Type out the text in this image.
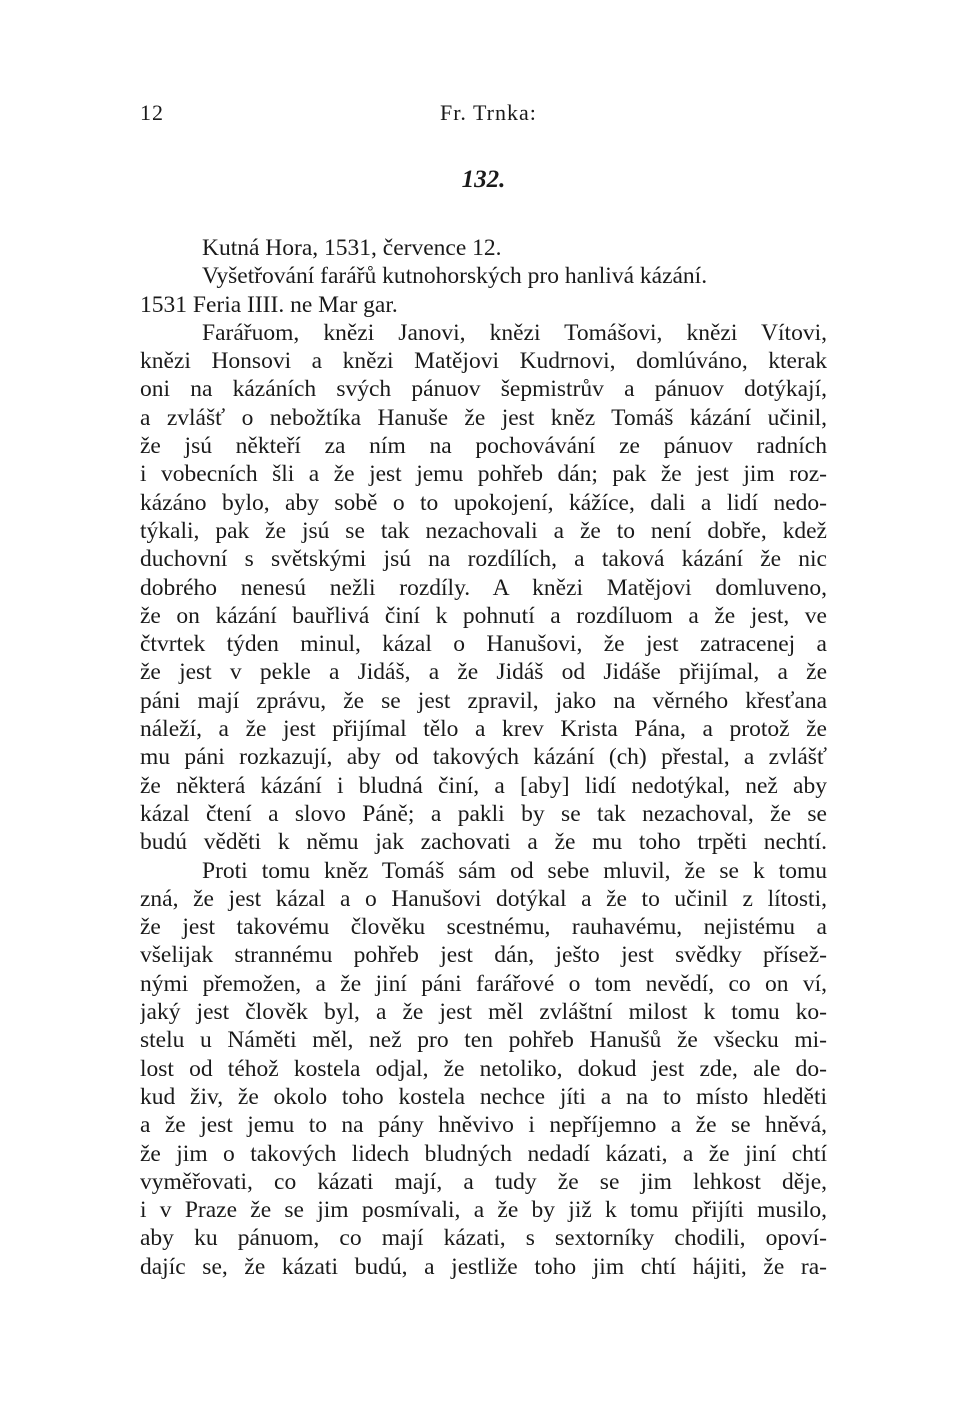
12	Fr. Trnka:
132.
Kutná Hora, 1531, července 12.
Vyšetřování farářů kutnohorských pro hanlivá kázání.
1531 Feria IIII. ne Mar gar.
Farářuom, knězi Janovi, knězi Tomášovi, knězi Vítovi,
knězi Honsovi a knězi Matějovi Kudrnovi, domlúváno, kterak
oni na kázáních svých pánuov šepmistrův a pánuov dotýkají,
a zvlášť o nebožtíka Hanuše že jest kněz Tomáš kázání učinil,
že jsú někteří za ním na pochovávání ze pánuov radních
i vobecních šli a že jest jemu pohřeb dán; pak že jest jim roz-
kázáno bylo, aby sobě o to upokojení, kážíce, dali a lidí nedo-
týkali, pak že jsú se tak nezachovali a že to není dobře, kdež
duchovní s světskými jsú na rozdílích, a taková kázání že nic
dobrého nenesú nežli rozdíly. A knězi Matějovi domluveno,
že on kázání bauřlivá činí k pohnutí a rozdíluom a že jest, ve
čtvrtek týden minul, kázal o Hanušovi, že jest zatracenej a
že jest v pekle a Jidáš, a že Jidáš od Jidáše přijímal, a že
páni mají zprávu, že se jest zpravil, jako na věrného křesťana
náleží, a že jest přijímal tělo a krev Krista Pána, a protož že
mu páni rozkazují, aby od takových kázání (ch) přestal, a zvlášť
že některá kázání i bludná činí, a [aby] lidí nedotýkal, než aby
kázal čtení a slovo Páně; a pakli by se tak nezachoval, že se
budú věděti k němu jak zachovati a že mu toho trpěti nechtí.
Proti tomu kněz Tomáš sám od sebe mluvil, že se k tomu
zná, že jest kázal a o Hanušovi dotýkal a že to učinil z lítosti,
že jest takovému člověku scestnému, rauhavému, nejistému a
všelijak strannému pohřeb jest dán, ješto jest svědky přísež-
nými přemožen, a že jiní páni farářové o tom nevědí, co on ví,
jaký jest člověk byl, a že jest měl zvláštní milost k tomu ko-
stelu u Náměti měl, než pro ten pohřeb Hanušů že všecku mi-
lost od téhož kostela odjal, že netoliko, dokud jest zde, ale do-
kud živ, že okolo toho kostela nechce jíti a na to místo hleděti
a že jest jemu to na pány hněvivo i nepříjemno a že se hněvá,
že jim o takových lidech bludných nedadí kázati, a že jiní chtí
vyměřovati, co kázati mají, a tudy že se jim lehkost děje,
i v Praze že se jim posmívali, a že by již k tomu přijíti musilo,
aby ku pánuom, co mají kázati, s sextorníky chodili, opoví-
dajíc se, že kázati budú, a jestliže toho jim chtí hájiti, že ra-
